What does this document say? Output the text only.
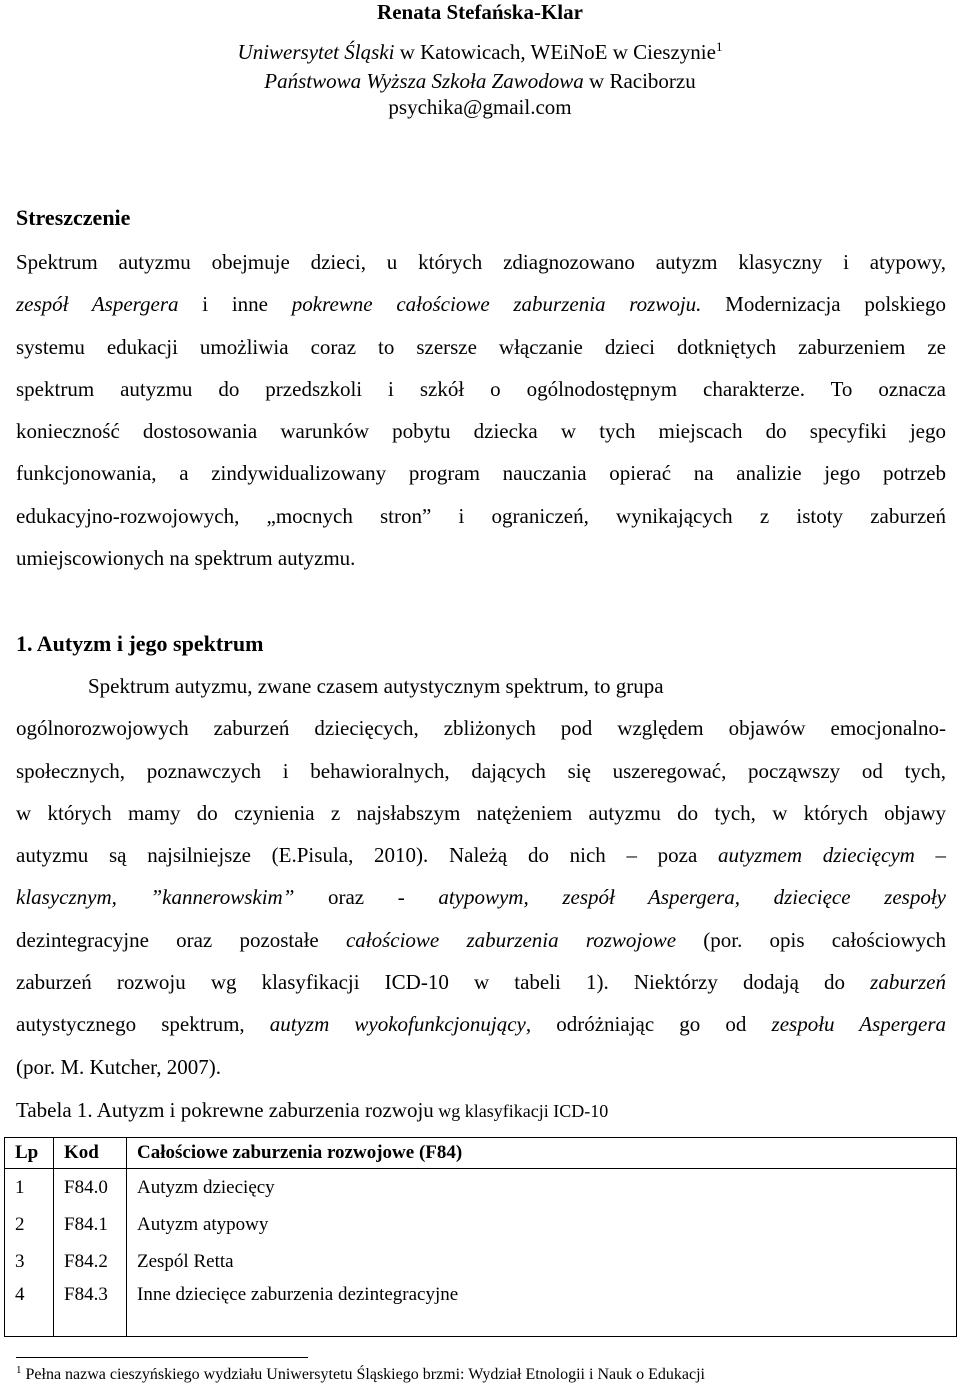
Renata Stefańska-Klar
Uniwersytet Śląski w Katowicach, WEiNoE w Cieszynie$^1$
Państwowa Wyższa Szkoła Zawodowa w Raciborzu
psychika@gmail.com
Streszczenie
Spektrum autyzmu obejmuje dzieci, u których zdiagnozowano autyzm klasyczny i atypowy,
zespół Aspergera i inne pokrewne całościowe zaburzenia rozwoju. Modernizacja polskiego
systemu edukacji umożliwia coraz to szersze włączanie dzieci dotkniętych zaburzeniem ze
spektrum autyzmu do przedszkoli i szkół o ogólnodostępnym charakterze. To oznacza
konieczność dostosowania warunków pobytu dziecka w tych miejscach do specyfiki jego
funkcjonowania, a zindywidualizowany program nauczania opierać na analizie jego potrzeb
edukacyjno-rozwojowych, „mocnych stron” i ograniczeń, wynikających z istoty zaburzeń
umiejscowionych na spektrum autyzmu.
1. Autyzm i jego spektrum
Spektrum autyzmu, zwane czasem autystycznym spektrum, to grupa
ogólnorozwojowych zaburzeń dziecięcych, zbliżonych pod względem objawów emocjonalno-
społecznych, poznawczych i behawioralnych, dających się uszeregować, począwszy od tych,
w których mamy do czynienia z najsłabszym natężeniem autyzmu do tych, w których objawy
autyzmu są najsilniejsze (E.Pisula, 2010). Należą do nich – poza autyzmem dziecięcym –
klasycznym, ”kannerowskim” oraz - atypowym, zespół Aspergera, dziecięce zespoły
dezintegracyjne oraz pozostałe całościowe zaburzenia rozwojowe (por. opis całościowych
zaburzeń rozwoju wg klasyfikacji ICD-10 w tabeli 1). Niektórzy dodają do zaburzeń
autystycznego spektrum, autyzm wyokofunkcjonujący, odróżniając go od zespołu Aspergera
(por. M. Kutcher, 2007).
Tabela 1. Autyzm i pokrewne zaburzenia rozwoju wg klasyfikacji ICD-10
Lp	Kod	Całościowe zaburzenia rozwojowe (F84)
1	F84.0	Autyzm dziecięcy
2	F84.1	Autyzm atypowy
3	F84.2	Zespól Retta
4	F84.3	Inne dziecięce zaburzenia dezintegracyjne
$^1$ Pełna nazwa cieszyńskiego wydziału Uniwersytetu Śląskiego brzmi: Wydział Etnologii i Nauk o Edukacji
